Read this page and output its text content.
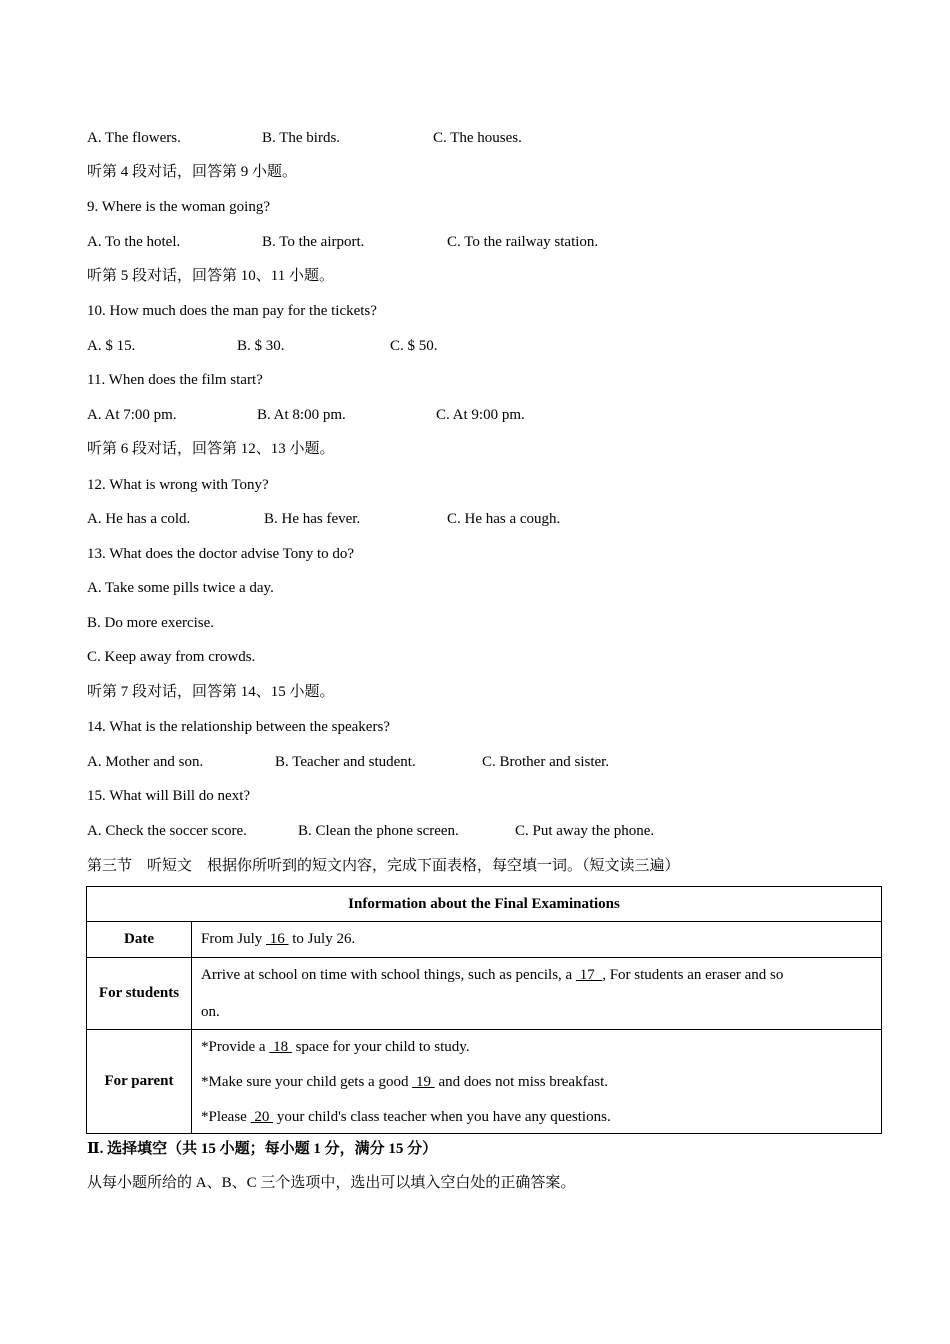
A. The flowers.	B. The birds.	C. The houses.
听第 4 段对话，回答第 9 小题。
9. Where is the woman going?
A. To the hotel.	B. To the airport.	C. To the railway station.
听第 5 段对话，回答第 10、11 小题。
10. How much does the man pay for the tickets?
A. $ 15.	B. $ 30.	C. $ 50.
11. When does the film start?
A. At 7:00 pm.	B. At 8:00 pm.	C. At 9:00 pm.
听第 6 段对话，回答第 12、13 小题。
12. What is wrong with Tony?
A. He has a cold.	B. He has fever.	C. He has a cough.
13. What does the doctor advise Tony to do?
A. Take some pills twice a day.
B. Do more exercise.
C. Keep away from crowds.
听第 7 段对话，回答第 14、15 小题。
14. What is the relationship between the speakers?
A. Mother and son.	B. Teacher and student.	C. Brother and sister.
15. What will Bill do next?
A. Check the soccer score.	B. Clean the phone screen.	C. Put away the phone.
第三节　听短文　根据你所听到的短文内容，完成下面表格，每空填一词。（短文读三遍）
Information about the Final Examinations	
Date	From July  16  to July 26.
For students	Arrive at school on time with school things, such as pencils, a  17  , For students an eraser and so
on.

For parent	*Provide a  18  space for your child to study.
*Make sure your child gets a good  19  and does not miss breakfast.
*Please  20  your child's class teacher when you have any questions.
Ⅱ. 选择填空（共 15 小题；每小题 1 分，满分 15 分）
从每小题所给的 A、B、C 三个选项中，选出可以填入空白处的正确答案。
